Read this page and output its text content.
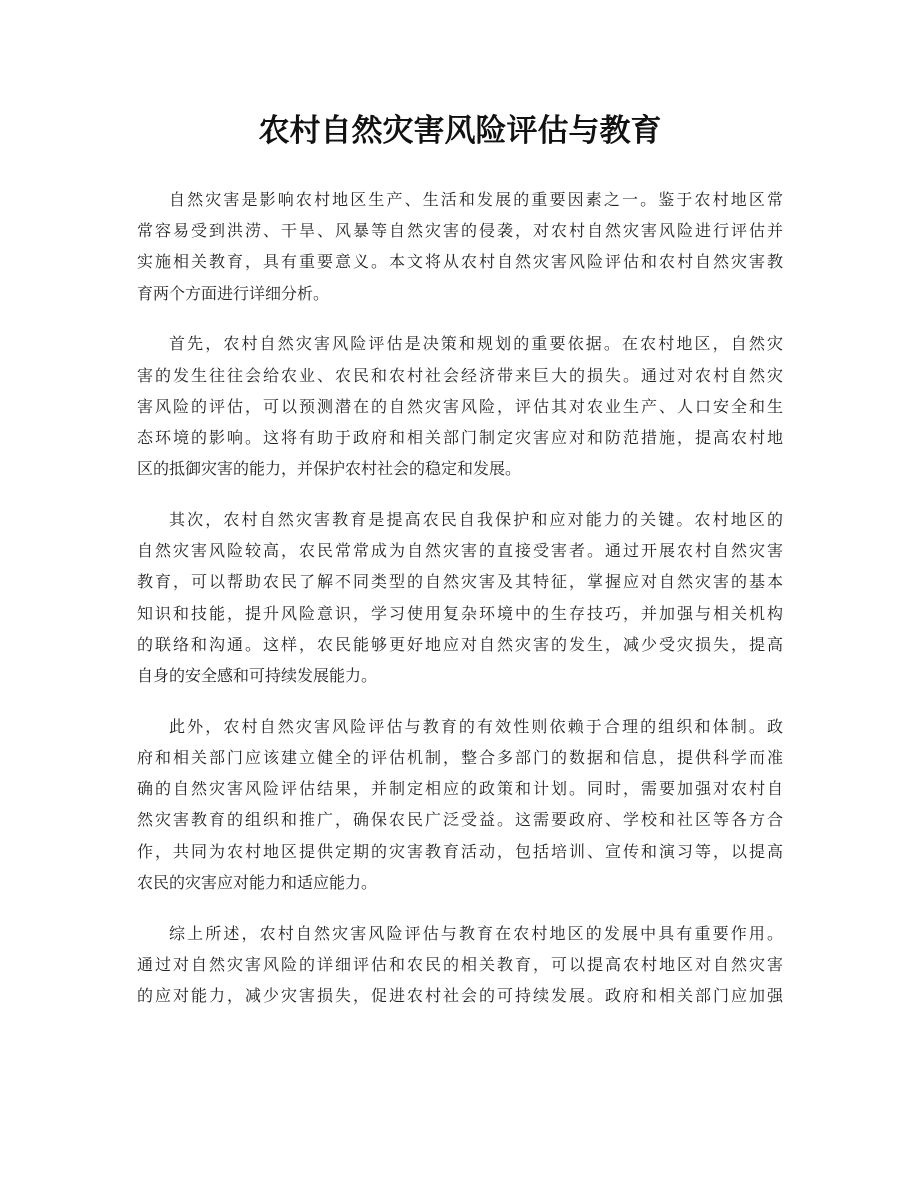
农村自然灾害风险评估与教育
自然灾害是影响农村地区生产、生活和发展的重要因素之一。鉴于农村地区常
常容易受到洪涝、干旱、风暴等自然灾害的侵袭，对农村自然灾害风险进行评估并
实施相关教育，具有重要意义。本文将从农村自然灾害风险评估和农村自然灾害教
育两个方面进行详细分析。
首先，农村自然灾害风险评估是决策和规划的重要依据。在农村地区，自然灾
害的发生往往会给农业、农民和农村社会经济带来巨大的损失。通过对农村自然灾
害风险的评估，可以预测潜在的自然灾害风险，评估其对农业生产、人口安全和生
态环境的影响。这将有助于政府和相关部门制定灾害应对和防范措施，提高农村地
区的抵御灾害的能力，并保护农村社会的稳定和发展。
其次，农村自然灾害教育是提高农民自我保护和应对能力的关键。农村地区的
自然灾害风险较高，农民常常成为自然灾害的直接受害者。通过开展农村自然灾害
教育，可以帮助农民了解不同类型的自然灾害及其特征，掌握应对自然灾害的基本
知识和技能，提升风险意识，学习使用复杂环境中的生存技巧，并加强与相关机构
的联络和沟通。这样，农民能够更好地应对自然灾害的发生，减少受灾损失，提高
自身的安全感和可持续发展能力。
此外，农村自然灾害风险评估与教育的有效性则依赖于合理的组织和体制。政
府和相关部门应该建立健全的评估机制，整合多部门的数据和信息，提供科学而准
确的自然灾害风险评估结果，并制定相应的政策和计划。同时，需要加强对农村自
然灾害教育的组织和推广，确保农民广泛受益。这需要政府、学校和社区等各方合
作，共同为农村地区提供定期的灾害教育活动，包括培训、宣传和演习等，以提高
农民的灾害应对能力和适应能力。
综上所述，农村自然灾害风险评估与教育在农村地区的发展中具有重要作用。
通过对自然灾害风险的详细评估和农民的相关教育，可以提高农村地区对自然灾害
的应对能力，减少灾害损失，促进农村社会的可持续发展。政府和相关部门应加强
